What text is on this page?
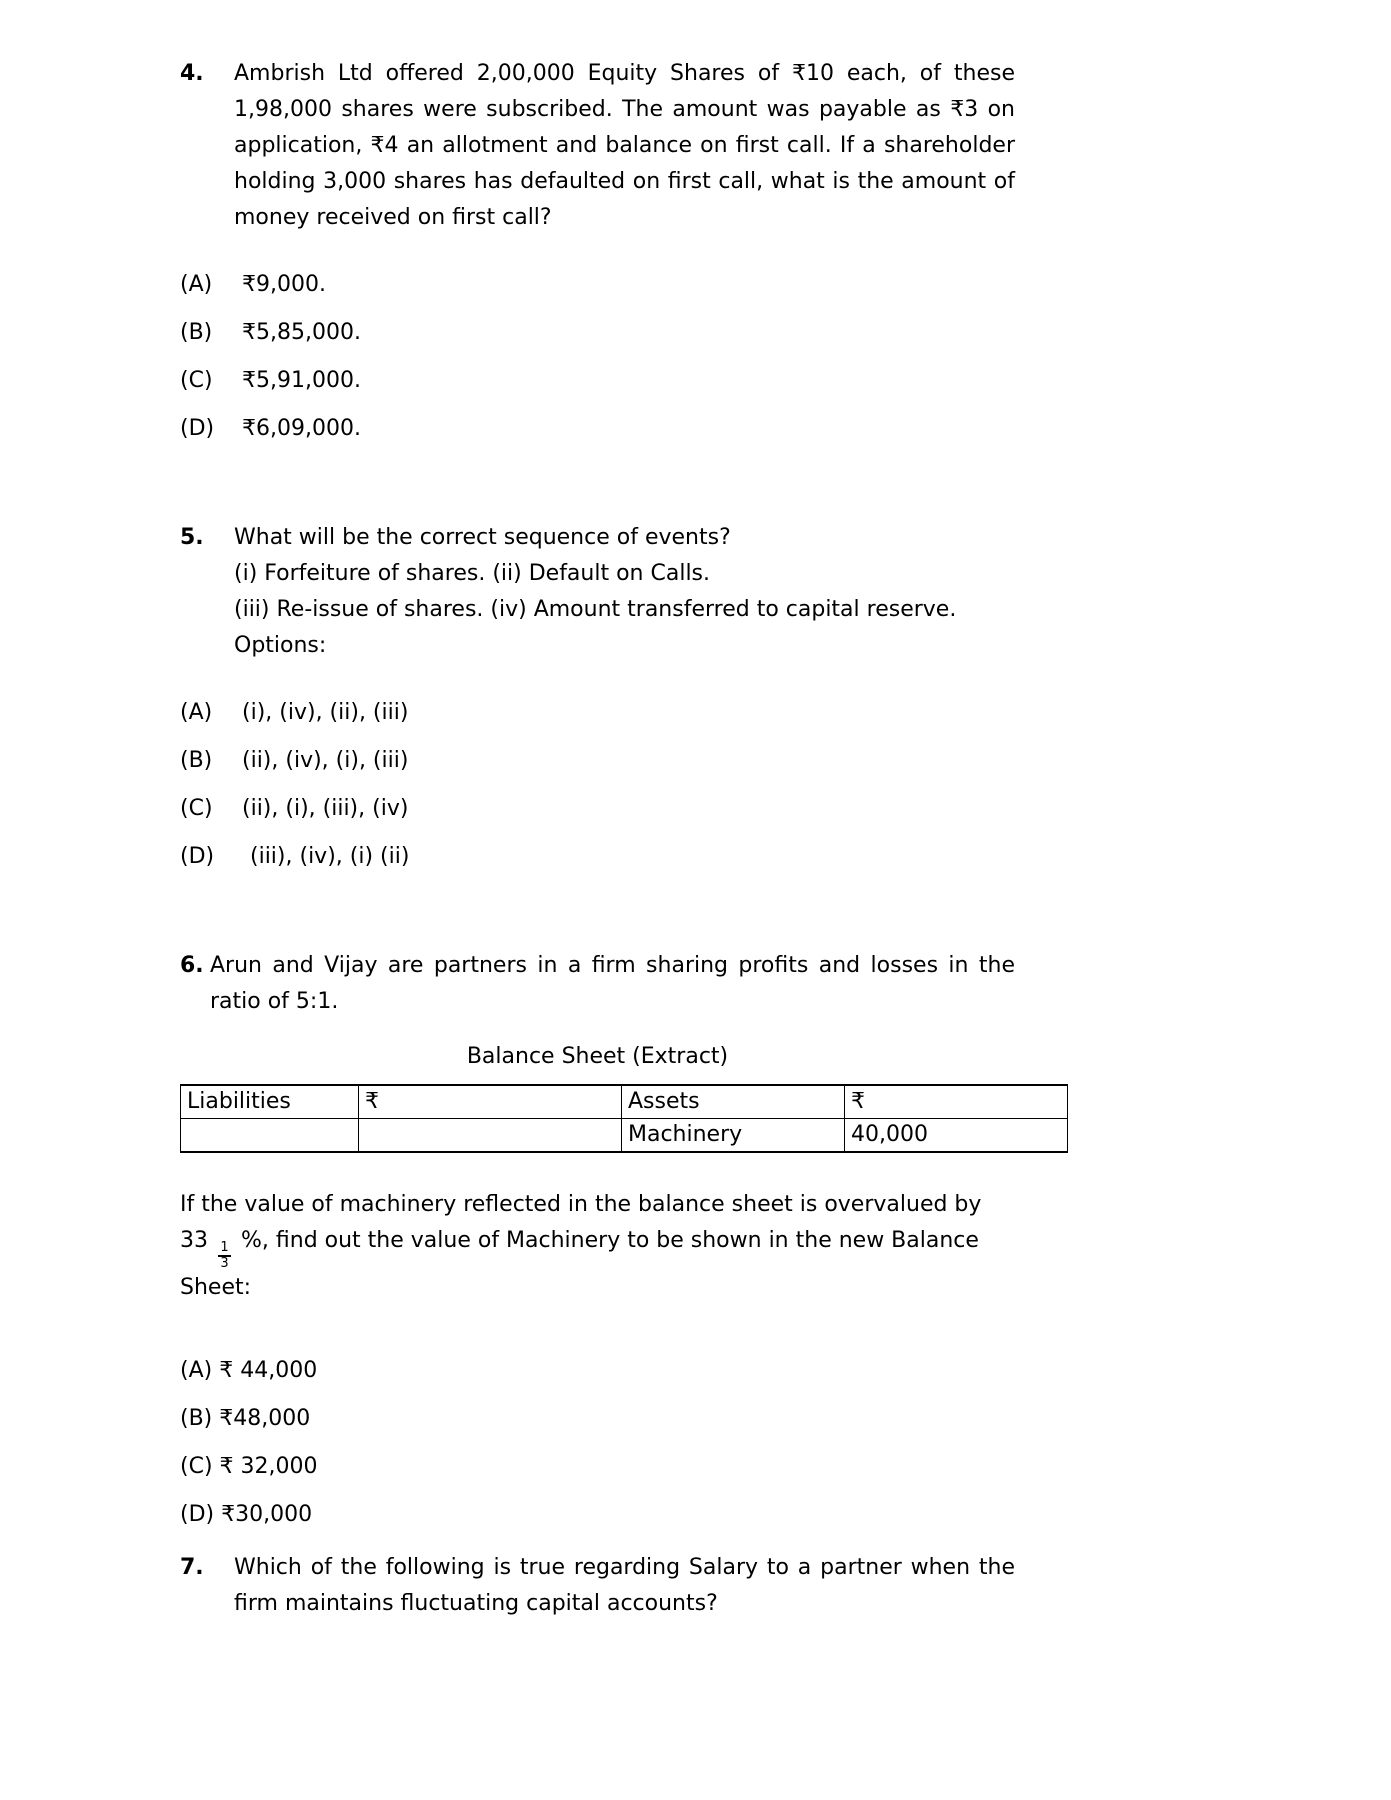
4.	Ambrish Ltd offered 2,00,000 Equity Shares of ₹10 each, of these 1,98,000 shares were subscribed. The amount was payable as ₹3 on application, ₹4 an allotment and balance on first call. If a shareholder holding 3,000 shares has defaulted on first call, what is the amount of money received on first call?
(A)	₹9,000.
(B)	₹5,85,000.
(C)	₹5,91,000.
(D)	₹6,09,000.
5.	What will be the correct sequence of events?
(i) Forfeiture of shares. (ii) Default on Calls.
(iii) Re-issue of shares. (iv) Amount transferred to capital reserve.
Options:
(A)	(i), (iv), (ii), (iii)
(B)	(ii), (iv), (i), (iii)
(C)	(ii), (i), (iii), (iv)
(D)	(iii), (iv), (i) (ii)
6. Arun and Vijay are partners in a firm sharing profits and losses in the ratio of 5:1.
Balance Sheet (Extract)
Liabilities	₹	Assets	₹
		Machinery	40,000
If the value of machinery reflected in the balance sheet is overvalued by
33
$\frac{1}{3}$
%, find out the value of Machinery to be shown in the new Balance
Sheet:
(A) ₹ 44,000
(B) ₹48,000
(C) ₹ 32,000
(D) ₹30,000
7.	Which of the following is true regarding Salary to a partner when the firm maintains fluctuating capital accounts?
